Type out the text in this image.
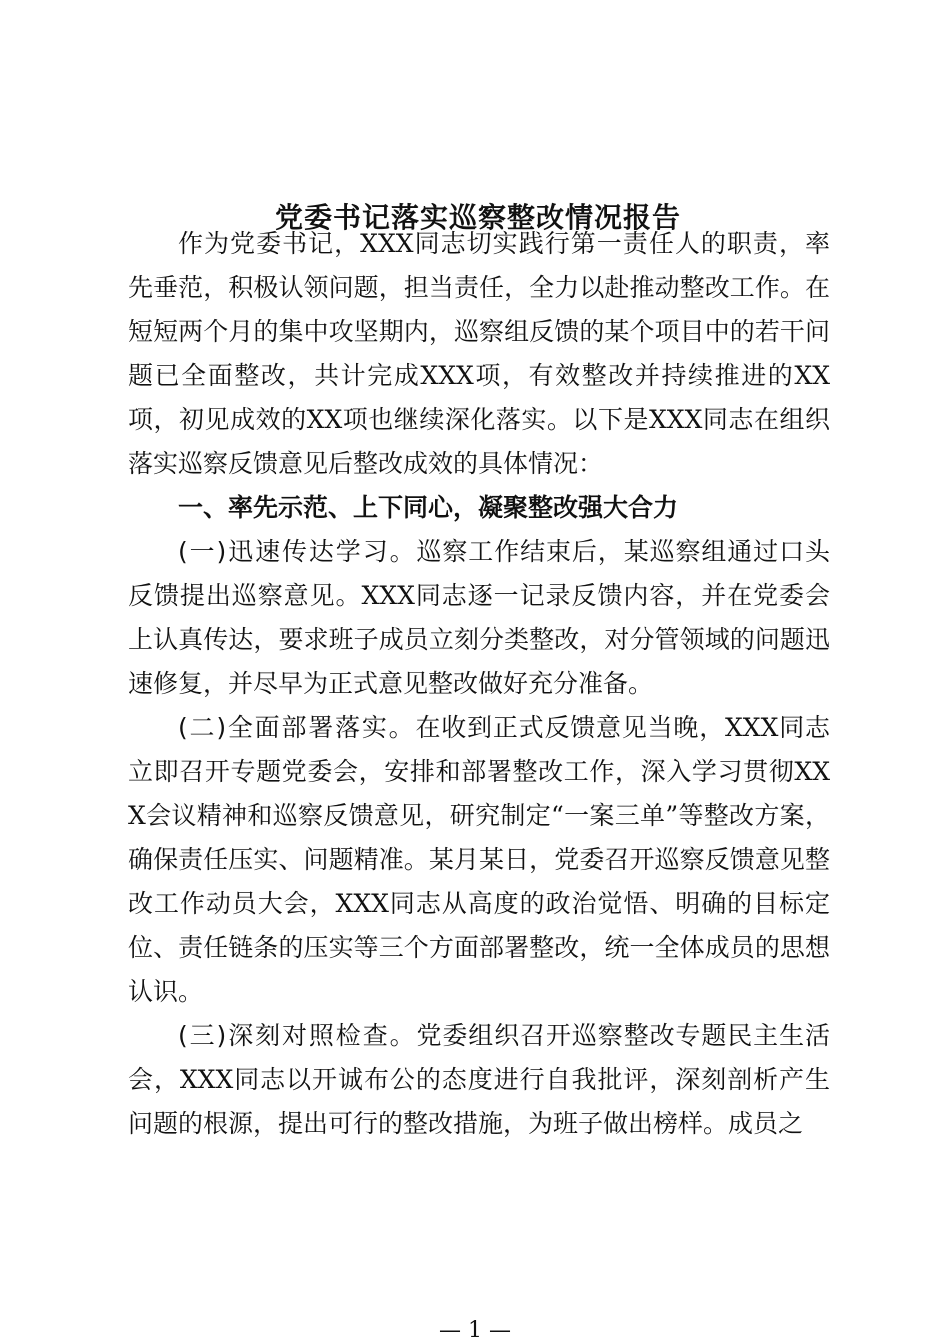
党委书记落实巡察整改情况报告

作为党委书记，XXX同志切实践行第一责任人的职责，率先垂范，积极认领问题，担当责任，全力以赴推动整改工作。在短短两个月的集中攻坚期内，巡察组反馈的某个项目中的若干问题已全面整改，共计完成XXX项，有效整改并持续推进的XX项，初见成效的XX项也继续深化落实。以下是XXX同志在组织落实巡察反馈意见后整改成效的具体情况：

一、率先示范、上下同心，凝聚整改强大合力

(一)迅速传达学习。巡察工作结束后，某巡察组通过口头反馈提出巡察意见。XXX同志逐一记录反馈内容，并在党委会上认真传达，要求班子成员立刻分类整改，对分管领域的问题迅速修复，并尽早为正式意见整改做好充分准备。

(二)全面部署落实。在收到正式反馈意见当晚，XXX同志立即召开专题党委会，安排和部署整改工作，深入学习贯彻XXX会议精神和巡察反馈意见，研究制定“一案三单”等整改方案，确保责任压实、问题精准。某月某日，党委召开巡察反馈意见整改工作动员大会，XXX同志从高度的政治觉悟、明确的目标定位、责任链条的压实等三个方面部署整改，统一全体成员的思想认识。

(三)深刻对照检查。党委组织召开巡察整改专题民主生活会，XXX同志以开诚布公的态度进行自我批评，深刻剖析产生问题的根源，提出可行的整改措施，为班子做出榜样。成员之

— 1 —
